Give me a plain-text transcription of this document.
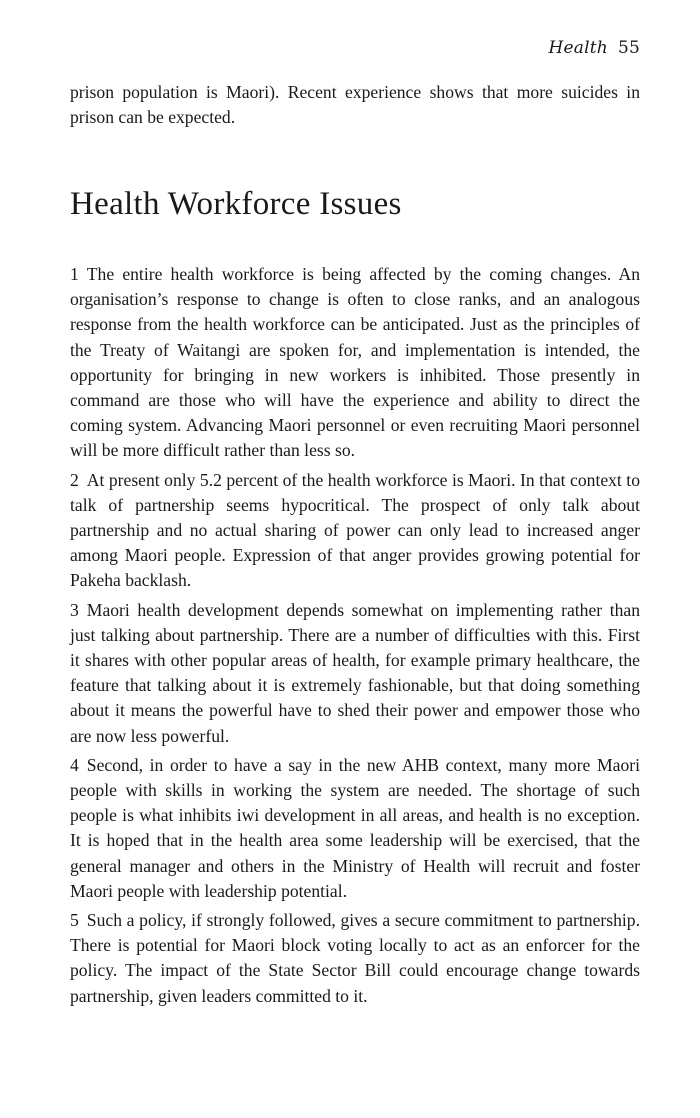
Health 55

prison population is Maori). Recent experience shows that more suicides in prison can be expected.

Health Workforce Issues

1 The entire health workforce is being affected by the coming changes. An organisation’s response to change is often to close ranks, and an analogous response from the health workforce can be anticipated. Just as the principles of the Treaty of Waitangi are spoken for, and implementation is intended, the opportunity for bringing in new workers is inhibited. Those presently in command are those who will have the experience and ability to direct the coming system. Advancing Maori personnel or even recruiting Maori personnel will be more difficult rather than less so.

2 At present only 5.2 percent of the health workforce is Maori. In that context to talk of partnership seems hypocritical. The prospect of only talk about partnership and no actual sharing of power can only lead to increased anger among Maori people. Expression of that anger provides growing potential for Pakeha backlash.

3 Maori health development depends somewhat on implementing rather than just talking about partnership. There are a number of difficulties with this. First it shares with other popular areas of health, for example primary healthcare, the feature that talking about it is extremely fashionable, but that doing something about it means the powerful have to shed their power and empower those who are now less powerful.

4 Second, in order to have a say in the new AHB context, many more Maori people with skills in working the system are needed. The shortage of such people is what inhibits iwi development in all areas, and health is no exception. It is hoped that in the health area some leadership will be exercised, that the general manager and others in the Ministry of Health will recruit and foster Maori people with leadership potential.

5 Such a policy, if strongly followed, gives a secure commitment to partnership. There is potential for Maori block voting locally to act as an enforcer for the policy. The impact of the State Sector Bill could encourage change towards partnership, given leaders committed to it.
